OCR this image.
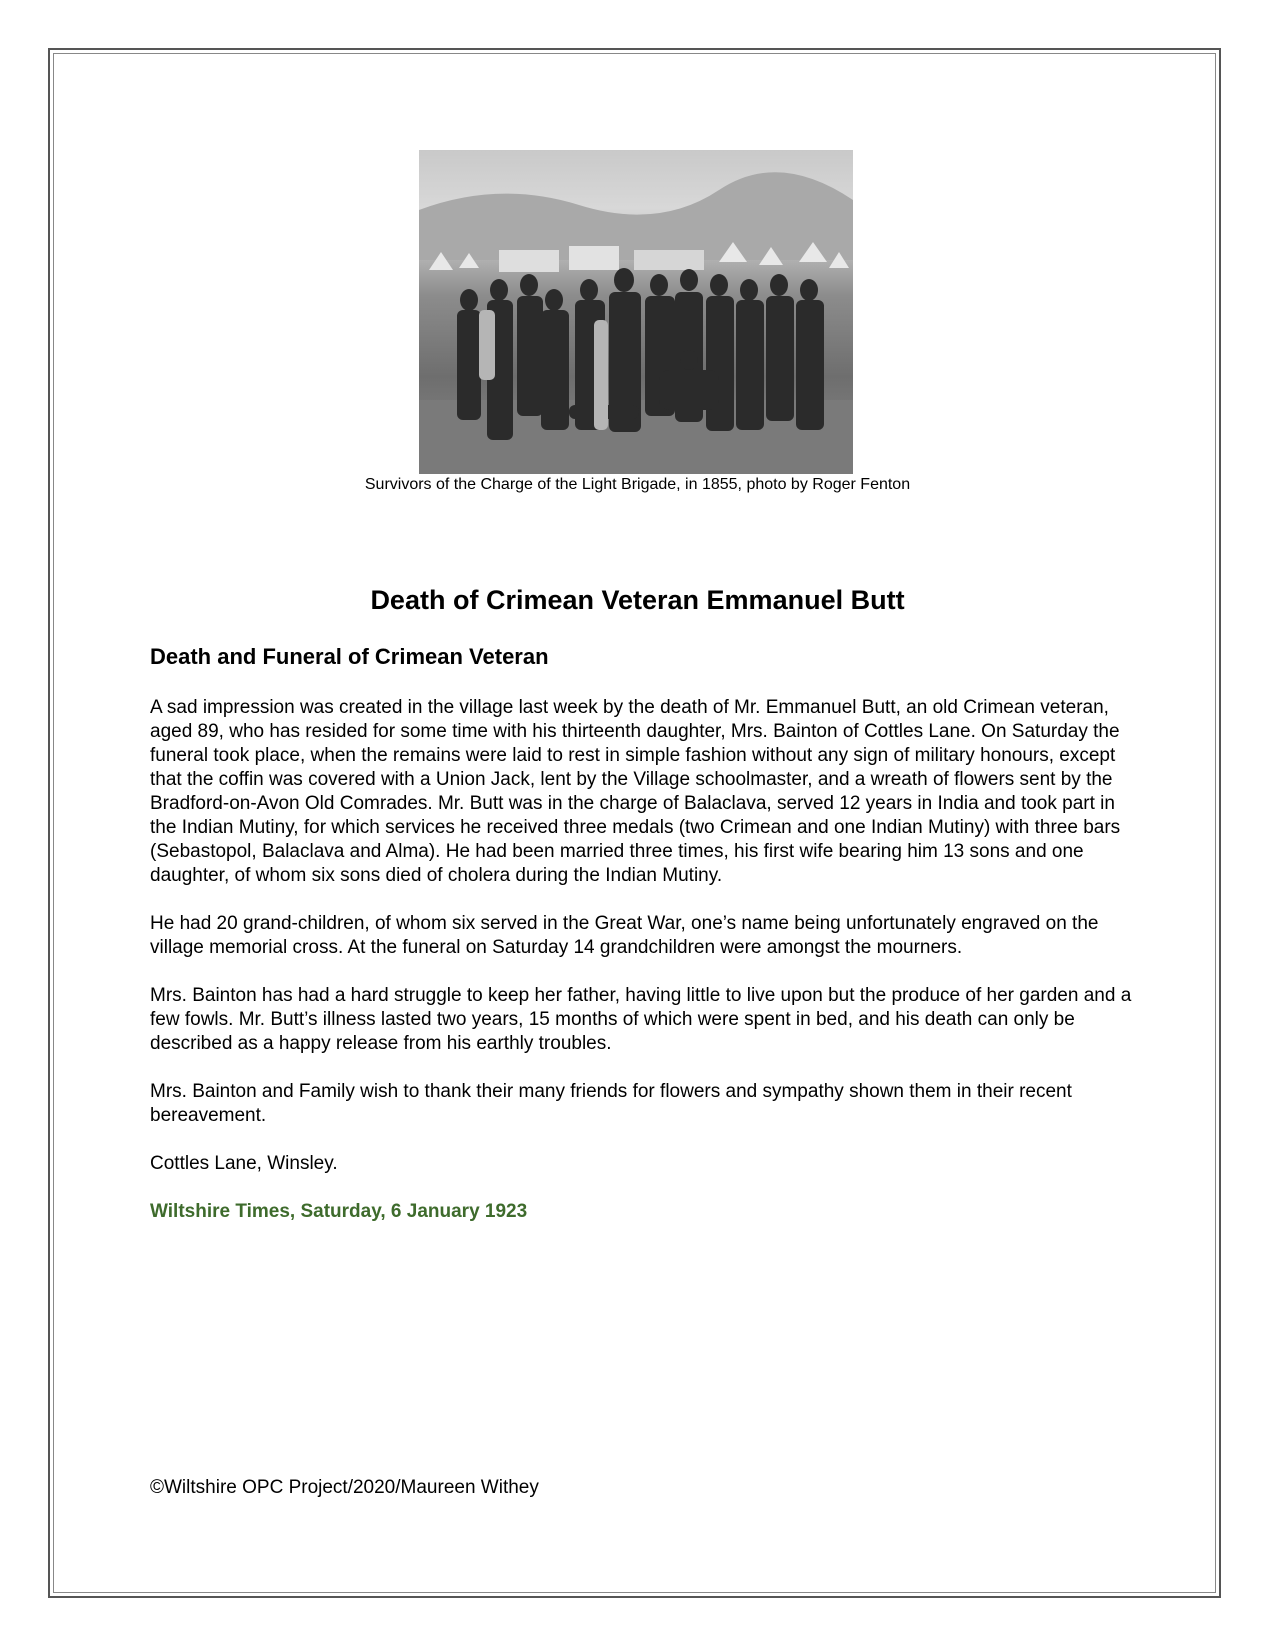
Survivors of the Charge of the Light Brigade, in 1855, photo by Roger Fenton
Death of Crimean Veteran Emmanuel Butt
Death and Funeral of Crimean Veteran

A sad impression was created in the village last week by the death of Mr. Emmanuel Butt, an old Crimean veteran, aged 89, who has resided for some time with his thirteenth daughter, Mrs. Bainton of Cottles Lane. On Saturday the funeral took place, when the remains were laid to rest in simple fashion without any sign of military honours, except that the coffin was covered with a Union Jack, lent by the Village schoolmaster, and a wreath of flowers sent by the Bradford-on-Avon Old Comrades. Mr. Butt was in the charge of Balaclava, served 12 years in India and took part in the Indian Mutiny, for which services he received three medals (two Crimean and one Indian Mutiny) with three bars (Sebastopol, Balaclava and Alma). He had been married three times, his first wife bearing him 13 sons and one daughter, of whom six sons died of cholera during the Indian Mutiny.

He had 20 grand-children, of whom six served in the Great War, one’s name being unfortunately engraved on the village memorial cross. At the funeral on Saturday 14 grandchildren were amongst the mourners.

Mrs. Bainton has had a hard struggle to keep her father, having little to live upon but the produce of her garden and a few fowls. Mr. Butt’s illness lasted two years, 15 months of which were spent in bed, and his death can only be described as a happy release from his earthly troubles.

Mrs. Bainton and Family wish to thank their many friends for flowers and sympathy shown them in their recent bereavement.

Cottles Lane, Winsley.

Wiltshire Times, Saturday, 6 January 1923

©Wiltshire OPC Project/2020/Maureen Withey
